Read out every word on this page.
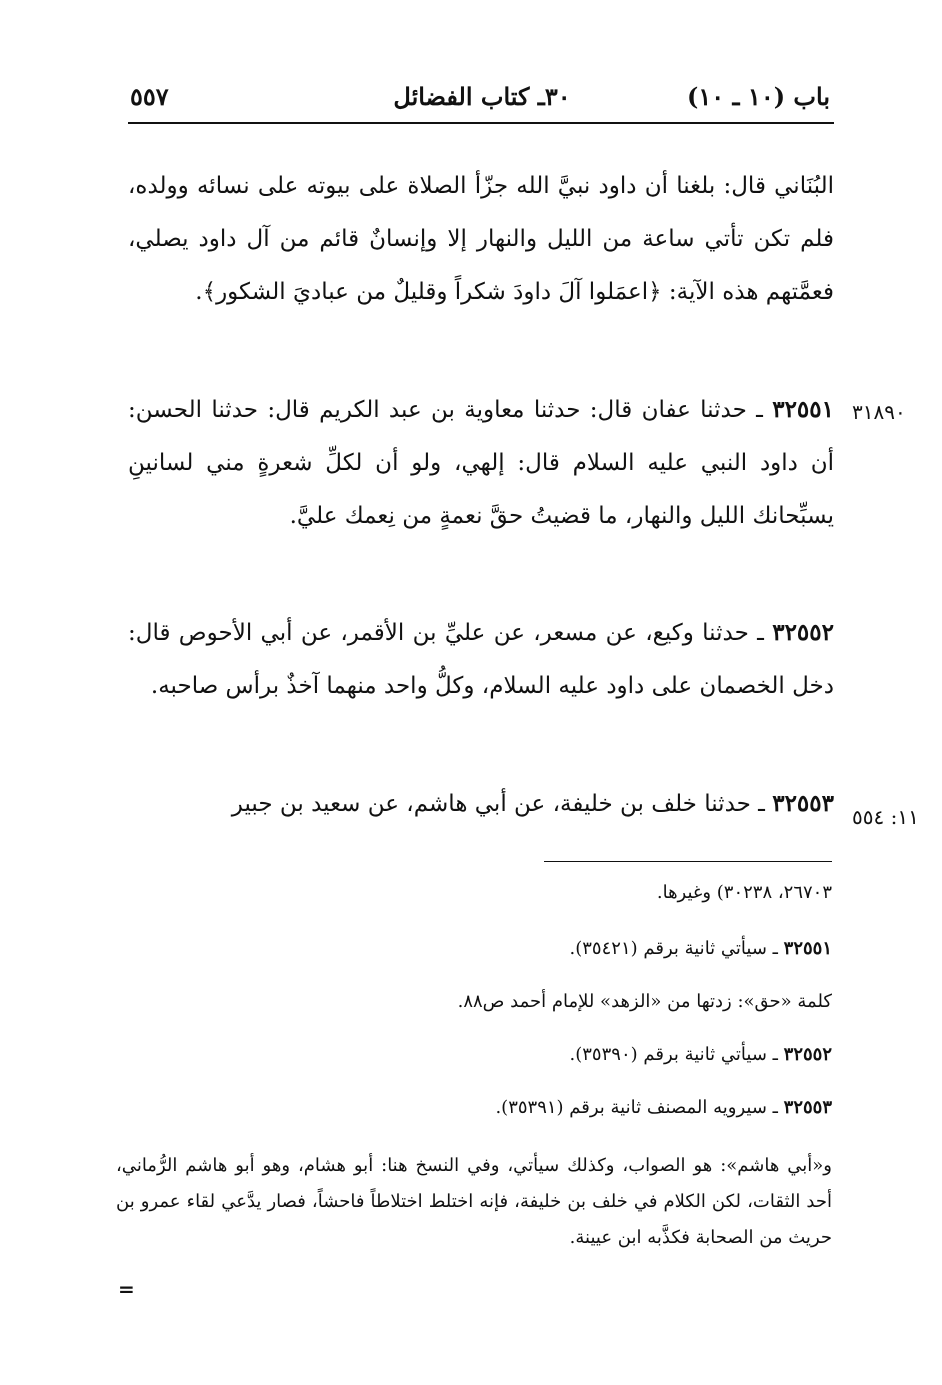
٥٥٧	٣٠ـ كتاب الفضائل	باب (١٠ ـ ١٠)
البُنَاني قال: بلغنا أن داود نبيَّ الله جزّأ الصلاة على بيوته على نسائه وولده، فلم تكن تأتي ساعة من الليل والنهار إلا وإنسانٌ قائم من آل داود يصلي، فعمَّتهم هذه الآية: ﴿اعمَلوا آلَ داودَ شكراً وقليلٌ من عباديَ الشكور﴾.
٣١٨٩٠
٣٢٥٥١ ـ حدثنا عفان قال: حدثنا معاوية بن عبد الكريم قال: حدثنا الحسن: أن داود النبي عليه السلام قال: إلهي، ولو أن لكلِّ شعرةٍ مني لسانينِ يسبِّحانك الليل والنهار، ما قضيتُ حقَّ نعمةٍ من نِعمك عليَّ.
٣٢٥٥٢ ـ حدثنا وكيع، عن مسعر، عن عليِّ بن الأقمر، عن أبي الأحوص قال: دخل الخصمان على داود عليه السلام، وكلُّ واحد منهما آخذٌ برأس صاحبه.
١١: ٥٥٤
٣٢٥٥٣ ـ حدثنا خلف بن خليفة، عن أبي هاشم، عن سعيد بن جبير
٢٦٧٠٣، ٣٠٢٣٨) وغيرها.
٣٢٥٥١ ـ سيأتي ثانية برقم (٣٥٤٢١).
كلمة «حق»: زدتها من «الزهد» للإمام أحمد ص٨٨.
٣٢٥٥٢ ـ سيأتي ثانية برقم (٣٥٣٩٠).
٣٢٥٥٣ ـ سيرويه المصنف ثانية برقم (٣٥٣٩١).
و«أبي هاشم»: هو الصواب، وكذلك سيأتي، وفي النسخ هنا: أبو هشام، وهو أبو هاشم الرُّماني، أحد الثقات، لكن الكلام في خلف بن خليفة، فإنه اختلط اختلاطاً فاحشاً، فصار يدَّعي لقاء عمرو بن حريث من الصحابة فكذَّبه ابن عيينة.
=
